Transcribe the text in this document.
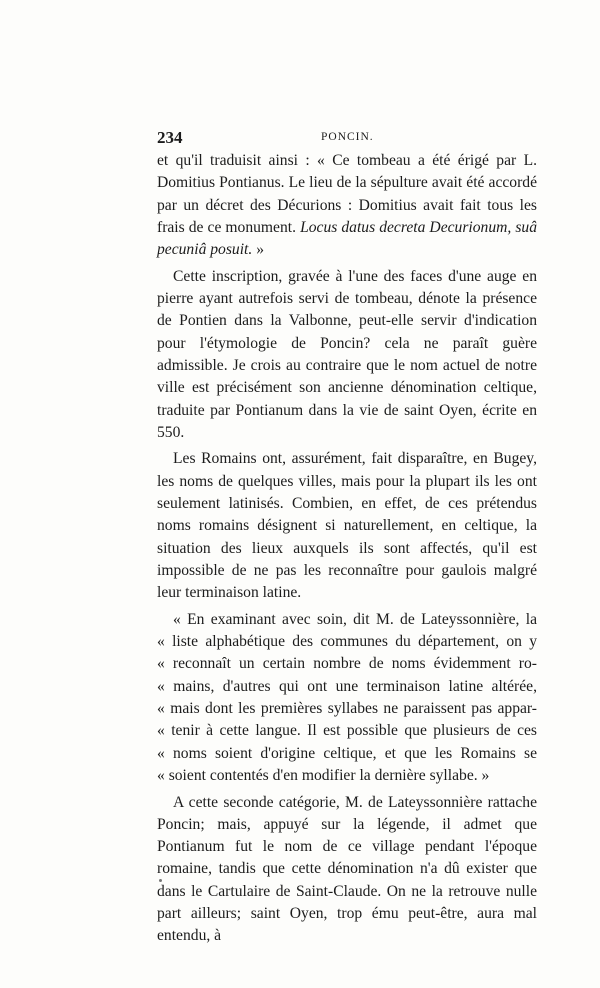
234	PONCIN.

et qu'il traduisit ainsi : « Ce tombeau a été érigé par L. Domitius Pontianus. Le lieu de la sépulture avait été accordé par un décret des Décurions : Domitius avait fait tous les frais de ce monument. Locus datus decreta Decurionum, suâ pecuniâ posuit. »

Cette inscription, gravée à l'une des faces d'une auge en pierre ayant autrefois servi de tombeau, dénote la présence de Pontien dans la Valbonne, peut-elle servir d'indication pour l'étymologie de Poncin? cela ne paraît guère admissible. Je crois au contraire que le nom actuel de notre ville est précisément son ancienne dénomination celtique, traduite par Pontianum dans la vie de saint Oyen, écrite en 550.

Les Romains ont, assurément, fait disparaître, en Bugey, les noms de quelques villes, mais pour la plupart ils les ont seulement latinisés. Combien, en effet, de ces prétendus noms romains désignent si naturellement, en celtique, la situation des lieux auxquels ils sont affectés, qu'il est impossible de ne pas les reconnaître pour gaulois malgré leur terminaison latine.

« En examinant avec soin, dit M. de Lateyssonnière, la
« liste alphabétique des communes du département, on y
« reconnaît un certain nombre de noms évidemment ro-
« mains, d'autres qui ont une terminaison latine altérée,
« mais dont les premières syllabes ne paraissent pas appar-
« tenir à cette langue. Il est possible que plusieurs de ces
« noms soient d'origine celtique, et que les Romains se
« soient contentés d'en modifier la dernière syllabe. »

A cette seconde catégorie, M. de Lateyssonnière rattache Poncin; mais, appuyé sur la légende, il admet que Pontianum fut le nom de ce village pendant l'époque romaine, tandis que cette dénomination n'a dû exister que dans le Cartulaire de Saint-Claude. On ne la retrouve nulle part ailleurs; saint Oyen, trop ému peut-être, aura mal entendu, à
